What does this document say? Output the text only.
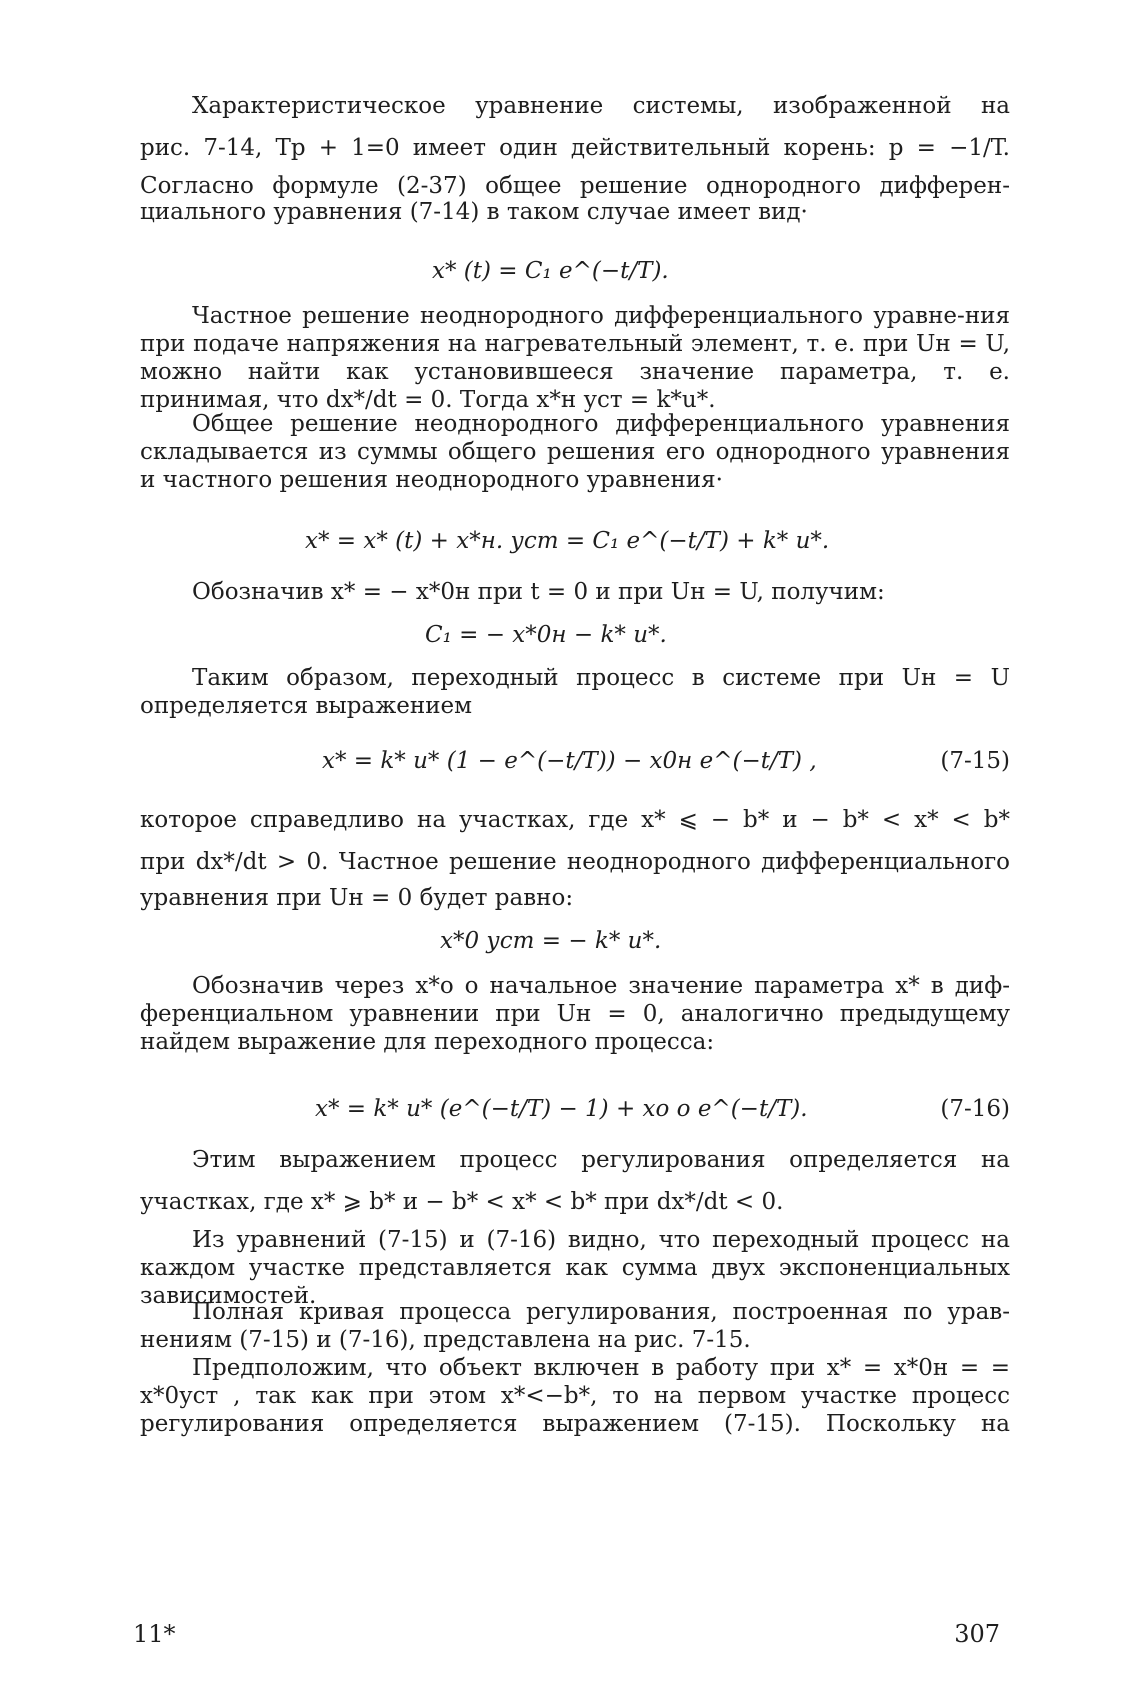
Характеристическое уравнение системы, изображенной на

рис. 7-14, Tp + 1=0 имеет один действительный корень: p = −1/T.

Согласно формуле (2-37) общее решение однородного дифферен-

циального уравнения (7-14) в таком случае имеет вид·

x* (t) = C₁ e^(−t/T).

Частное решение неоднородного дифференциального уравне-ния при подаче напряжения на нагревательный элемент, т. е. при Uн = U, можно найти как установившееся значение параметра, т. е. принимая, что dx*/dt = 0. Тогда x*н уст = k*u*.

Общее решение неоднородного дифференциального уравнения складывается из суммы общего решения его однородного уравнения и частного решения неоднородного уравнения·

x* = x* (t) + x*н. уст = C₁ e^(−t/T) + k* u*.

Обозначив x* = − x*0н при t = 0 и при Uн = U, получим:

C₁ = − x*0н − k* u*.

Таким образом, переходный процесс в системе при Uн = U определяется выражением

x* = k* u* (1 − e^(−t/T)) − x0н e^(−t/T) ,	(7-15)

которое справедливо на участках, где x* ⩽ − b* и − b* < x* < b*

при dx*/dt > 0. Частное решение неоднородного дифференциального

уравнения при Uн = 0 будет равно:

x*0 уст = − k* u*.

Обозначив через x*о о начальное значение параметра x* в диф-ференциальном уравнении при Uн = 0, аналогично предыдущему найдем выражение для переходного процесса:

x* = k* u* (e^(−t/T) − 1) + xо о e^(−t/T).	(7-16)

Этим выражением процесс регулирования определяется на

участках, где x* ⩾ b* и − b* < x* < b* при dx*/dt < 0.

Из уравнений (7-15) и (7-16) видно, что переходный процесс на каждом участке представляется как сумма двух экспоненциальных зависимостей.

Полная кривая процесса регулирования, построенная по урав-нениям (7-15) и (7-16), представлена на рис. 7-15.

Предположим, что объект включен в работу при x* = x*0н = = x*0уст , так как при этом x*<−b*, то на первом участке процесс регулирования определяется выражением (7-15). Поскольку на

11*	307
